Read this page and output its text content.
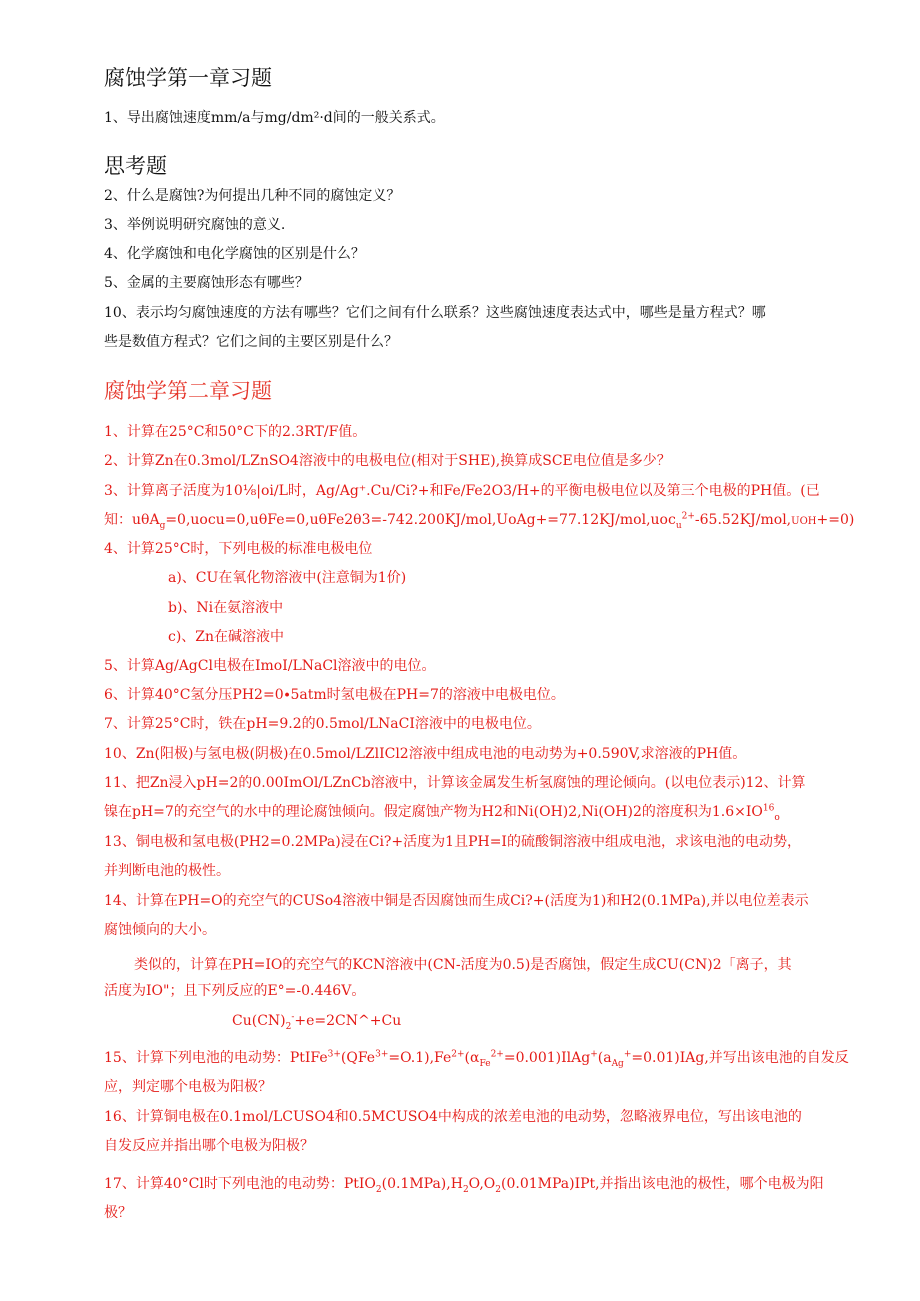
腐蚀学第一章习题
1、导出腐蚀速度mm/a与mg∕dm²·d间的一般关系式。
思考题
2、什么是腐蚀?为何提出几种不同的腐蚀定义？
3、举例说明研究腐蚀的意义.
4、化学腐蚀和电化学腐蚀的区别是什么？
5、金属的主要腐蚀形态有哪些？
10、表示均匀腐蚀速度的方法有哪些？它们之间有什么联系？这些腐蚀速度表达式中，哪些是量方程式？哪
些是数值方程式？它们之间的主要区别是什么？
腐蚀学第二章习题
1、计算在25°C和50°C下的2.3RT/F值。
2、计算Zn在0.3mol∕LZnSO4溶液中的电极电位(相对于SHE),换算成SCE电位值是多少？
3、计算离子活度为10⅛|oi∕L时，Ag/Ag⁺.Cu/Ci?+和Fe∕Fe2O3∕H+的平衡电极电位以及第三个电极的PH值。(已
知：uθA$_g$=0,uocu=0,uθFe=0,uθFe2θ3=-742.200KJ/mol,UoAg+=77.12KJ∕mol,uoc$_u^{2+}$-65.52KJ∕mol,UOH+=0)
4、计算25°C时，下列电极的标准电极电位
a)、CU在氧化物溶液中(注意铜为1价)
b)、Ni在氨溶液中
c)、Zn在碱溶液中
5、计算Ag/AgCl电极在ImoI/LNaCl溶液中的电位。
6、计算40°C氢分压PH2=0∙5atm时氢电极在PH=7的溶液中电极电位。
7、计算25°C时，铁在pH=9.2的0.5mol∕LNaCI溶液中的电极电位。
10、Zn(阳极)与氢电极(阴极)在0.5mol∕LZlICl2溶液中组成电池的电动势为+0.590V,求溶液的PH值。
11、把Zn浸入pH=2的0.00ImOl/LZnCb溶液中，计算该金属发生析氢腐蚀的理论倾向。(以电位表示)12、计算
镍在pH=7的充空气的水中的理论腐蚀倾向。假定腐蚀产物为H2和Ni(OH)2,Ni(OH)2的溶度积为$1.6\times IO^{16}_o$
13、铜电极和氢电极(PH2=0.2MPa)浸在Ci?+活度为1且PH=I的硫酸铜溶液中组成电池，求该电池的电动势，
并判断电池的极性。
14、计算在PH=O的充空气的CUSo4溶液中铜是否因腐蚀而生成Ci?+(活度为1)和H2(0.1MPa),并以电位差表示
腐蚀倾向的大小。
类似的，计算在PH=IO的充空气的KCN溶液中(CN-活度为0.5)是否腐蚀，假定生成CU(CN)2「离子，其
活度为IO"；且下列反应的E°=-0.446V。
$Cu(CN)_2^-+e=2CN\^{}+Cu$
15、计算下列电池的电动势：$PtIFe^{3+}(QFe^{3+}=O.1),Fe^{2+}(\alpha_{Fe}^{2+}=0.001)IlAg^+(a_{Ag}^+=0.01)IAg$,并写出该电池的自发反
应，判定哪个电极为阳极？
16、计算铜电极在0.1mol∕LCUSO4和0.5MCUSO4中构成的浓差电池的电动势，忽略液界电位，写出该电池的
自发反应并指出哪个电极为阳极？
17、计算40°Cl时下列电池的电动势：$PtIO_2(0.1MPa),H_2O,O_2(0.01MPa)IPt$,并指出该电池的极性，哪个电极为阳
极？
